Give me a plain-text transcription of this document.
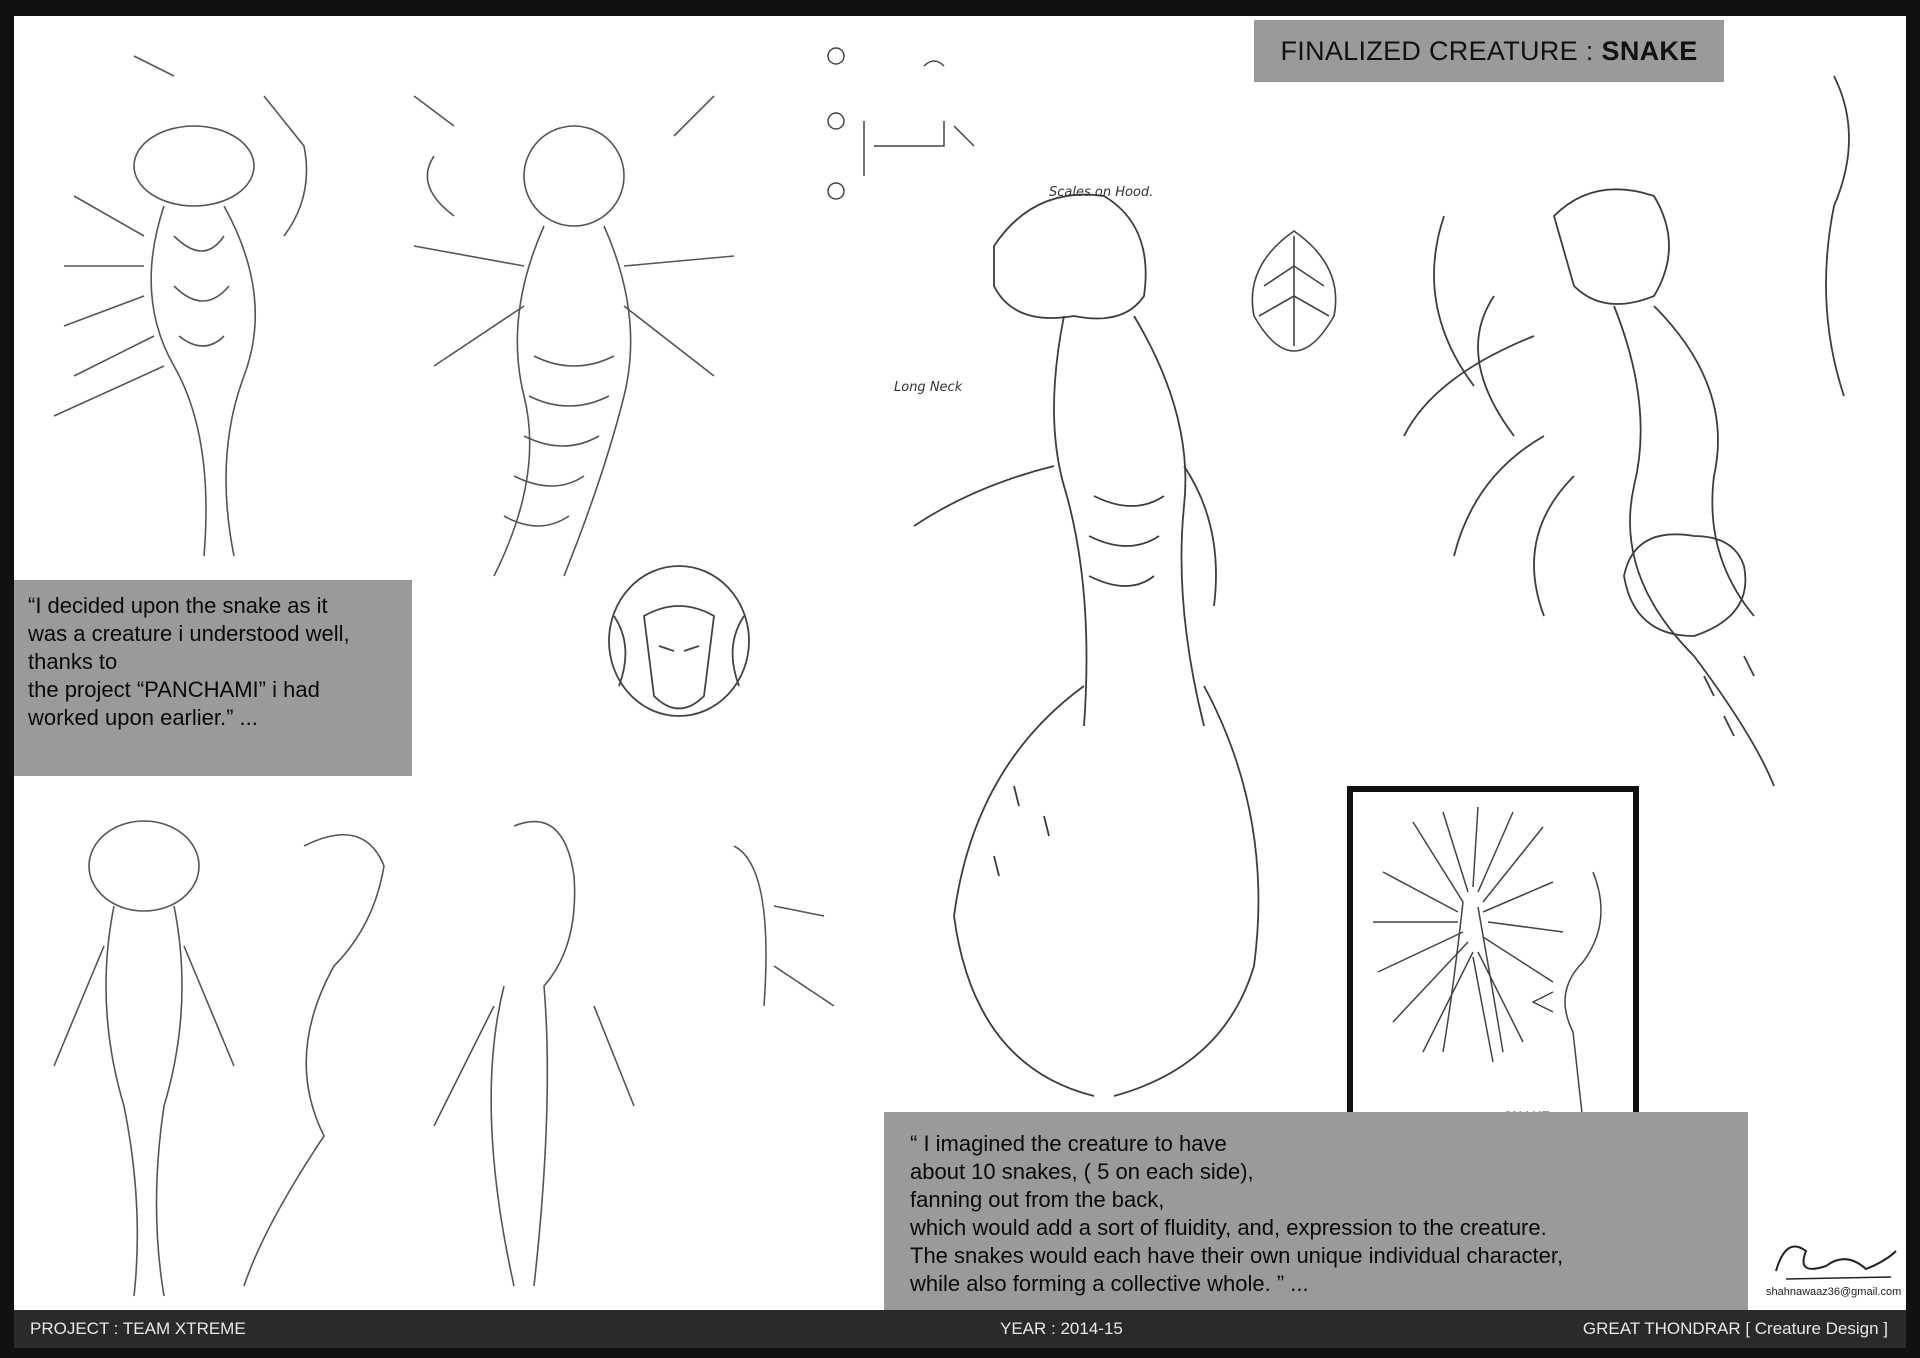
FINALIZED CREATURE : SNAKE
Scales on Hood.
Long Neck
“I decided upon the snake as it
was a creature i understood well,
thanks to
the project “PANCHAMI” i had
worked upon earlier.” ...
“ I imagined the creature to have
about 10 snakes, ( 5 on each side),
fanning out from the back,
which would add a sort of fluidity, and, expression to the creature.
The snakes would each have their own unique individual character,
while also forming a collective whole. ” ...	shahnawaaz36@gmail.com
PROJECT : TEAM XTREME	YEAR : 2014-15	GREAT THONDRAR [ Creature Design ]
